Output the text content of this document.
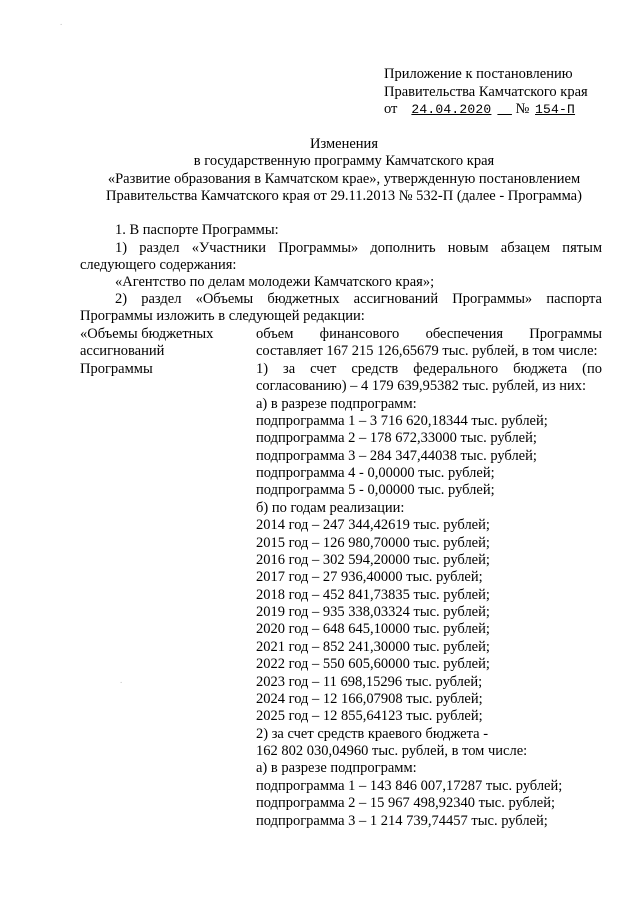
.
.
Приложение к постановлению
Правительства Камчатского края
от 24.04.2020  № 154-П
Изменения
в государственную программу Камчатского края
«Развитие образования в Камчатском крае», утвержденную постановлением
Правительства Камчатского края от 29.11.2013 № 532-П (далее - Программа)
1. В паспорте Программы:
1) раздел «Участники Программы» дополнить новым абзацем пятым следующего содержания:
«Агентство по делам молодежи Камчатского края»;
2) раздел «Объемы бюджетных ассигнований Программы» паспорта Программы изложить в следующей редакции:
«Объемы бюджетных ассигнований Программы
объем финансового обеспечения Программы составляет 167 215 126,65679 тыс. рублей, в том числе:
1) за счет средств федерального бюджета (по согласованию) – 4 179 639,95382 тыс. рублей, из них:
а) в разрезе подпрограмм:
подпрограмма 1 – 3 716 620,18344 тыс. рублей;
подпрограмма 2 – 178 672,33000 тыс. рублей;
подпрограмма 3 – 284 347,44038 тыс. рублей;
подпрограмма 4 - 0,00000 тыс. рублей;
подпрограмма 5 - 0,00000 тыс. рублей;
б) по годам реализации:
2014 год – 247 344,42619 тыс. рублей;
2015 год – 126 980,70000 тыс. рублей;
2016 год – 302 594,20000 тыс. рублей;
2017 год – 27 936,40000 тыс. рублей;
2018 год – 452 841,73835 тыс. рублей;
2019 год – 935 338,03324 тыс. рублей;
2020 год – 648 645,10000 тыс. рублей;
2021 год – 852 241,30000 тыс. рублей;
2022 год – 550 605,60000 тыс. рублей;
2023 год – 11 698,15296 тыс. рублей;
2024 год – 12 166,07908 тыс. рублей;
2025 год – 12 855,64123 тыс. рублей;
2) за счет средств краевого бюджета -
162 802 030,04960 тыс. рублей, в том числе:
а) в разрезе подпрограмм:
подпрограмма 1 – 143 846 007,17287 тыс. рублей;
подпрограмма 2 – 15 967 498,92340 тыс. рублей;
подпрограмма 3 – 1 214 739,74457 тыс. рублей;
